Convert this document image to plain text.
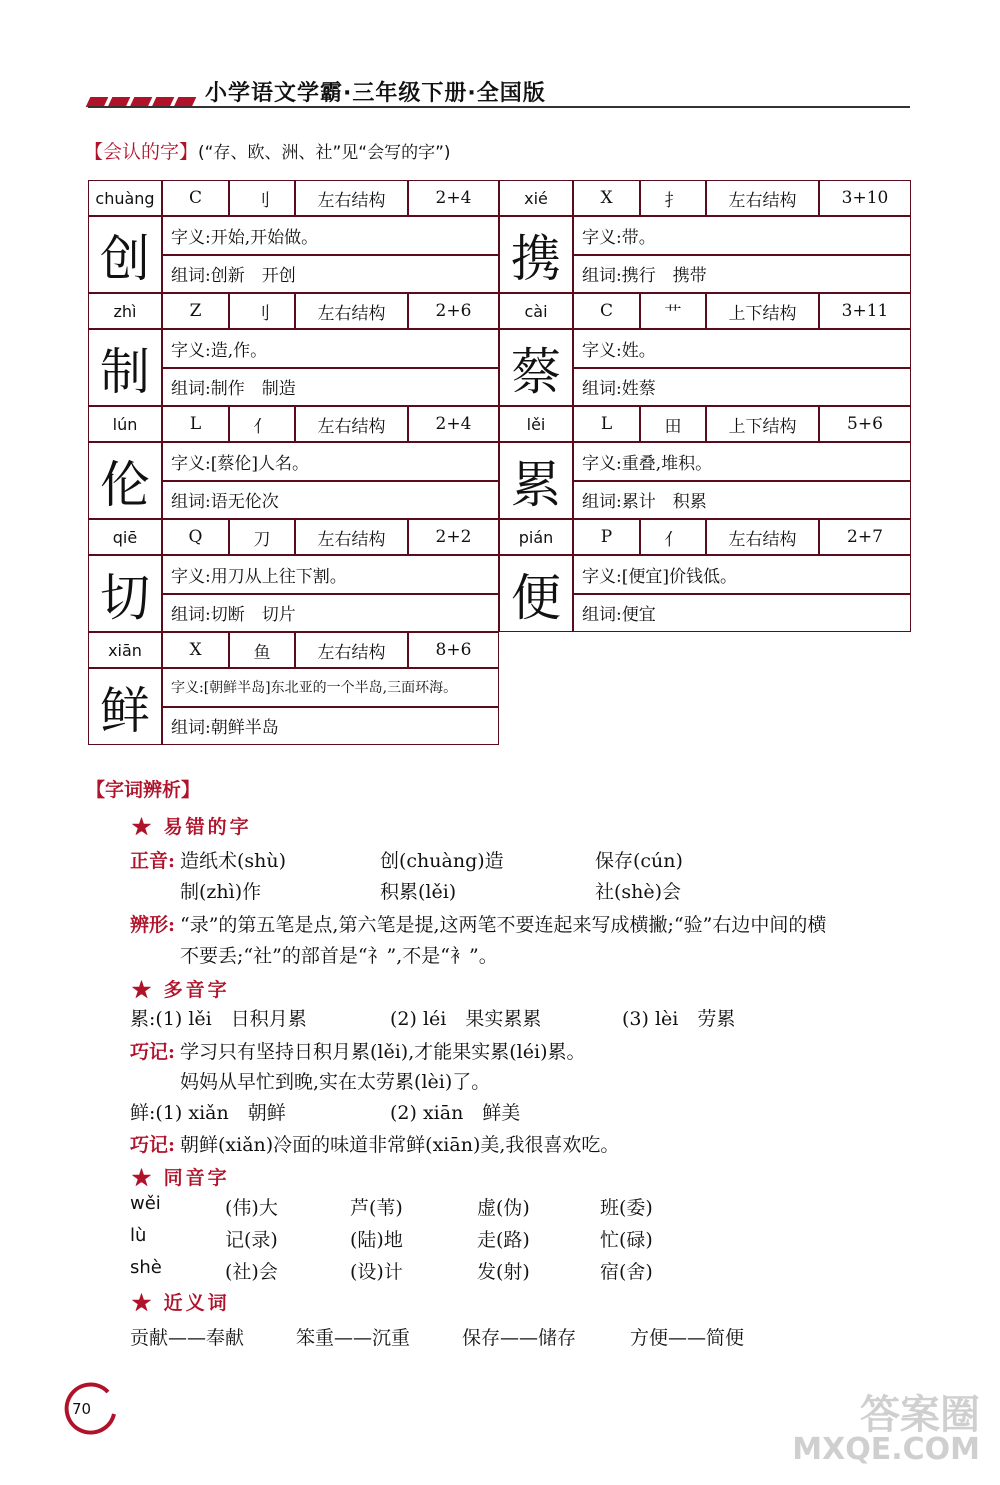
小学语文学霸·三年级下册·全国版
【会认的字】(“存、欧、洲、社”见“会写的字”)
chuàng	C	刂	左右结构	2+4
创	字义:开始,开始做。
组词:创新　开创
xié	X	扌	左右结构	3+10
携	字义:带。
组词:携行　携带
zhì	Z	刂	左右结构	2+6
制	字义:造,作。
组词:制作　制造
cài	C	艹	上下结构	3+11
蔡	字义:姓。
组词:姓蔡
lún	L	亻	左右结构	2+4
伦	字义:[蔡伦]人名。
组词:语无伦次
lěi	L	田	上下结构	5+6
累	字义:重叠,堆积。
组词:累计　积累
qiē	Q	刀	左右结构	2+2
切	字义:用刀从上往下割。
组词:切断　切片
pián	P	亻	左右结构	2+7
便	字义:[便宜]价钱低。
组词:便宜
xiān	X	鱼	左右结构	8+6
鲜	字义:[朝鲜半岛]东北亚的一个半岛,三面环海。
组词:朝鲜半岛
【字词辨析】
★ 易错的字
正音: 造纸术(shù)	创(chuàng)造	保存(cún)
制(zhì)作	积累(lěi)	社(shè)会
辨形: “录”的第五笔是点,第六笔是提,这两笔不要连起来写成横撇;“验”右边中间的横
不要丢;“社”的部首是“礻”,不是“衤”。
★ 多音字
累:(1) lěi　日积月累	(2) léi　果实累累	(3) lèi　劳累
巧记: 学习只有坚持日积月累(lěi),才能果实累(léi)累。
妈妈从早忙到晚,实在太劳累(lèi)了。
鲜:(1) xiǎn　朝鲜	(2) xiān　鲜美
巧记: 朝鲜(xiǎn)冷面的味道非常鲜(xiān)美,我很喜欢吃。
★ 同音字
wěi	(伟)大	芦(苇)	虚(伪)	班(委)
lù	记(录)	(陆)地	走(路)	忙(碌)
shè	(社)会	(设)计	发(射)	宿(舍)
★ 近义词
贡献——奉献	笨重——沉重	保存——储存	方便——简便
70	答案圈
MXQE.COM
